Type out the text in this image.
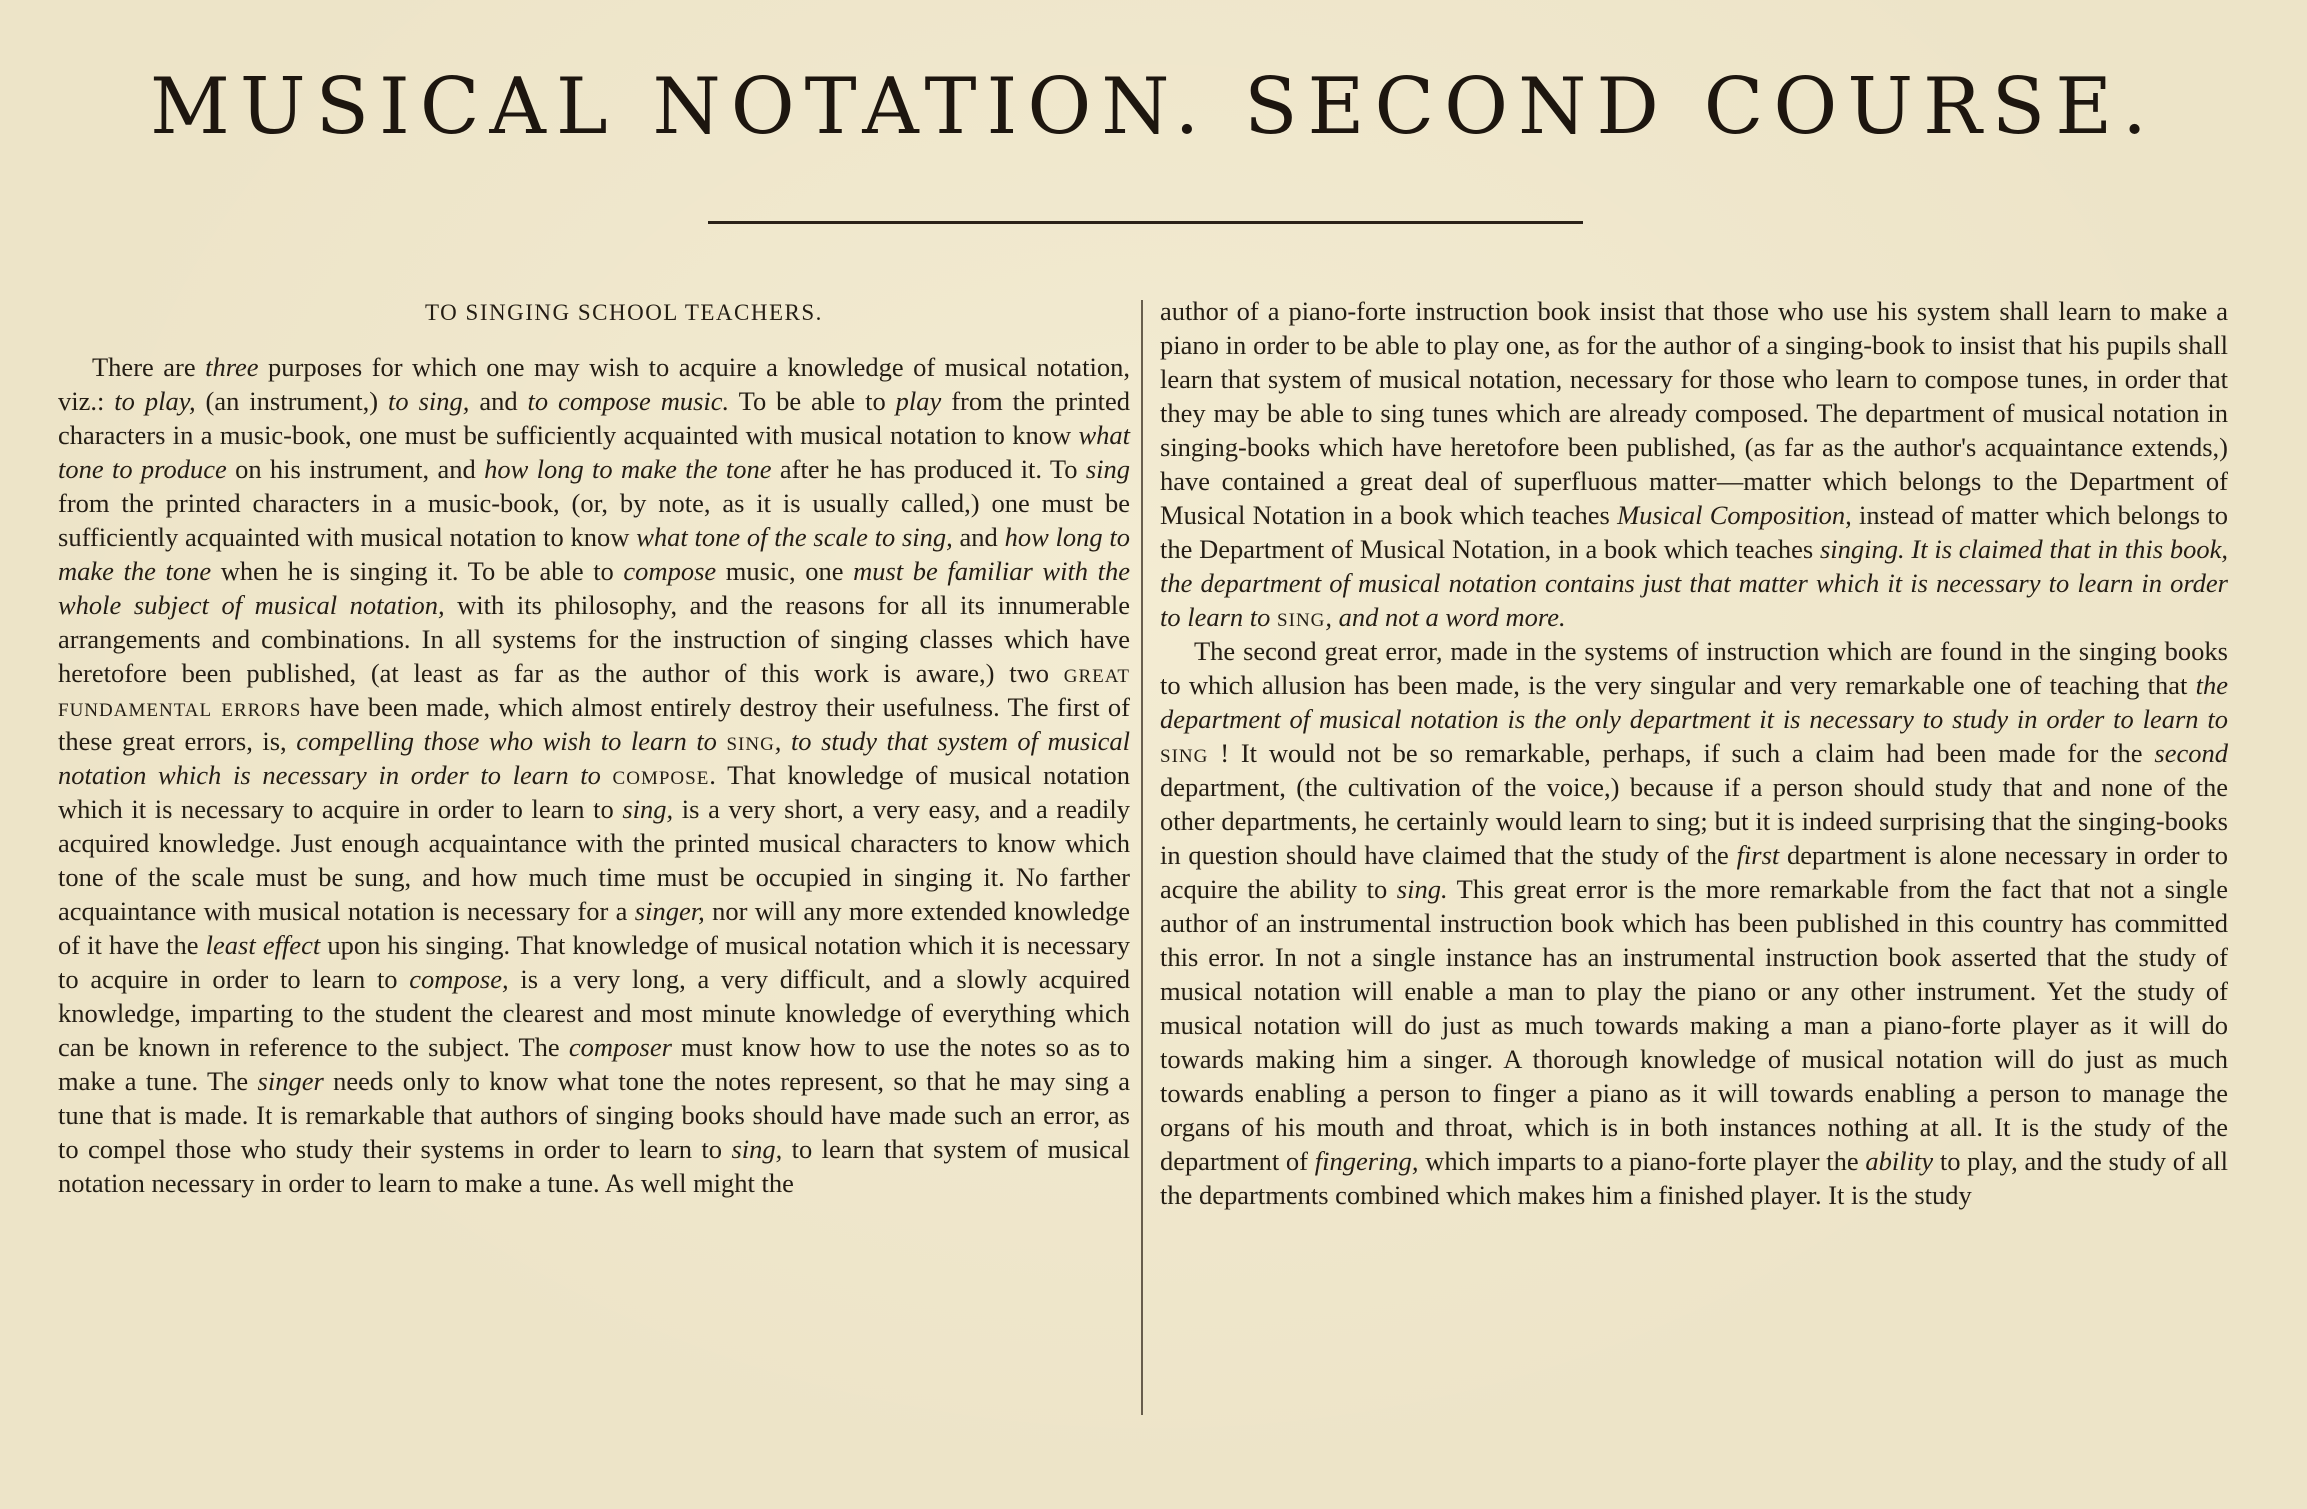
MUSICAL NOTATION. SECOND COURSE.
TO SINGING SCHOOL TEACHERS.

There are three purposes for which one may wish to acquire a knowledge of musical notation, viz.: to play, (an instrument,) to sing, and to compose music. To be able to play from the printed characters in a music-book, one must be sufficiently acquainted with musical notation to know what tone to produce on his instrument, and how long to make the tone after he has produced it. To sing from the printed characters in a music-book, (or, by note, as it is usually called,) one must be sufficiently acquainted with musical notation to know what tone of the scale to sing, and how long to make the tone when he is singing it. To be able to compose music, one must be familiar with the whole subject of musical notation, with its philosophy, and the reasons for all its innumerable arrangements and combinations. In all systems for the instruction of singing classes which have heretofore been published, (at least as far as the author of this work is aware,) two great fundamental errors have been made, which almost entirely destroy their usefulness. The first of these great errors, is, compelling those who wish to learn to sing, to study that system of musical notation which is necessary in order to learn to compose. That knowledge of musical notation which it is necessary to acquire in order to learn to sing, is a very short, a very easy, and a readily acquired knowledge. Just enough acquaintance with the printed musical characters to know which tone of the scale must be sung, and how much time must be occupied in singing it. No farther acquaintance with musical notation is necessary for a singer, nor will any more extended knowledge of it have the least effect upon his singing. That knowledge of musical notation which it is necessary to acquire in order to learn to compose, is a very long, a very difficult, and a slowly acquired knowledge, imparting to the student the clearest and most minute knowledge of everything which can be known in reference to the subject. The composer must know how to use the notes so as to make a tune. The singer needs only to know what tone the notes represent, so that he may sing a tune that is made. It is remarkable that authors of singing books should have made such an error, as to compel those who study their systems in order to learn to sing, to learn that system of musical notation necessary in order to learn to make a tune. As well might the

author of a piano-forte instruction book insist that those who use his system shall learn to make a piano in order to be able to play one, as for the author of a singing-book to insist that his pupils shall learn that system of musical notation, necessary for those who learn to compose tunes, in order that they may be able to sing tunes which are already composed. The department of musical notation in singing-books which have heretofore been published, (as far as the author's acquaintance extends,) have contained a great deal of superfluous matter—matter which belongs to the Department of Musical Notation in a book which teaches Musical Composition, instead of matter which belongs to the Department of Musical Notation, in a book which teaches singing. It is claimed that in this book, the department of musical notation contains just that matter which it is necessary to learn in order to learn to sing, and not a word more.

The second great error, made in the systems of instruction which are found in the singing books to which allusion has been made, is the very singular and very remarkable one of teaching that the department of musical notation is the only department it is necessary to study in order to learn to sing ! It would not be so remarkable, perhaps, if such a claim had been made for the second department, (the cultivation of the voice,) because if a person should study that and none of the other departments, he certainly would learn to sing; but it is indeed surprising that the singing-books in question should have claimed that the study of the first department is alone necessary in order to acquire the ability to sing. This great error is the more remarkable from the fact that not a single author of an instrumental instruction book which has been published in this country has committed this error. In not a single instance has an instrumental instruction book asserted that the study of musical notation will enable a man to play the piano or any other instrument. Yet the study of musical notation will do just as much towards making a man a piano-forte player as it will do towards making him a singer. A thorough knowledge of musical notation will do just as much towards enabling a person to finger a piano as it will towards enabling a person to manage the organs of his mouth and throat, which is in both instances nothing at all. It is the study of the department of fingering, which imparts to a piano-forte player the ability to play, and the study of all the departments combined which makes him a finished player. It is the study
